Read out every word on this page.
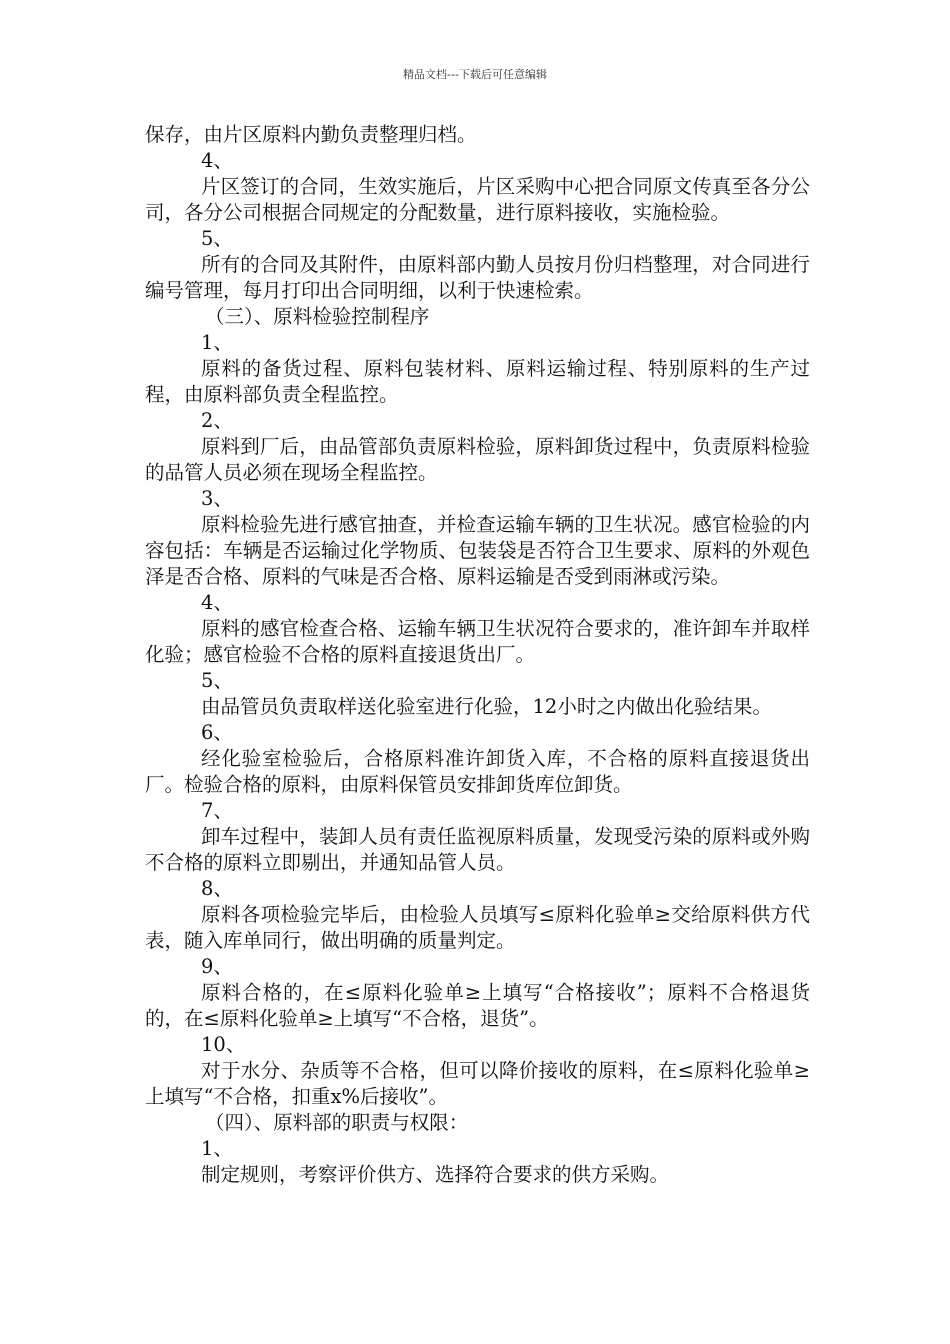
精品文档---下载后可任意编辑

保存，由片区原料内勤负责整理归档。

4、

片区签订的合同，生效实施后，片区采购中心把合同原文传真至各分公司，各分公司根据合同规定的分配数量，进行原料接收，实施检验。

5、

所有的合同及其附件，由原料部内勤人员按月份归档整理，对合同进行编号管理，每月打印出合同明细，以利于快速检索。

（三）、原料检验控制程序

1、

原料的备货过程、原料包装材料、原料运输过程、特别原料的生产过程，由原料部负责全程监控。

2、

原料到厂后，由品管部负责原料检验，原料卸货过程中，负责原料检验的品管人员必须在现场全程监控。

3、

原料检验先进行感官抽查，并检查运输车辆的卫生状况。感官检验的内容包括：车辆是否运输过化学物质、包装袋是否符合卫生要求、原料的外观色泽是否合格、原料的气味是否合格、原料运输是否受到雨淋或污染。

4、

原料的感官检查合格、运输车辆卫生状况符合要求的，准许卸车并取样化验；感官检验不合格的原料直接退货出厂。

5、

由品管员负责取样送化验室进行化验，12小时之内做出化验结果。

6、

经化验室检验后，合格原料准许卸货入库，不合格的原料直接退货出厂。检验合格的原料，由原料保管员安排卸货库位卸货。

7、

卸车过程中，装卸人员有责任监视原料质量，发现受污染的原料或外购不合格的原料立即剔出，并通知品管人员。

8、

原料各项检验完毕后，由检验人员填写≤原料化验单≥交给原料供方代表，随入库单同行，做出明确的质量判定。

9、

原料合格的，在≤原料化验单≥上填写“合格接收”；原料不合格退货的，在≤原料化验单≥上填写“不合格，退货”。

10、

对于水分、杂质等不合格，但可以降价接收的原料，在≤原料化验单≥上填写“不合格，扣重x%后接收”。

（四）、原料部的职责与权限：

1、

制定规则，考察评价供方、选择符合要求的供方采购。
